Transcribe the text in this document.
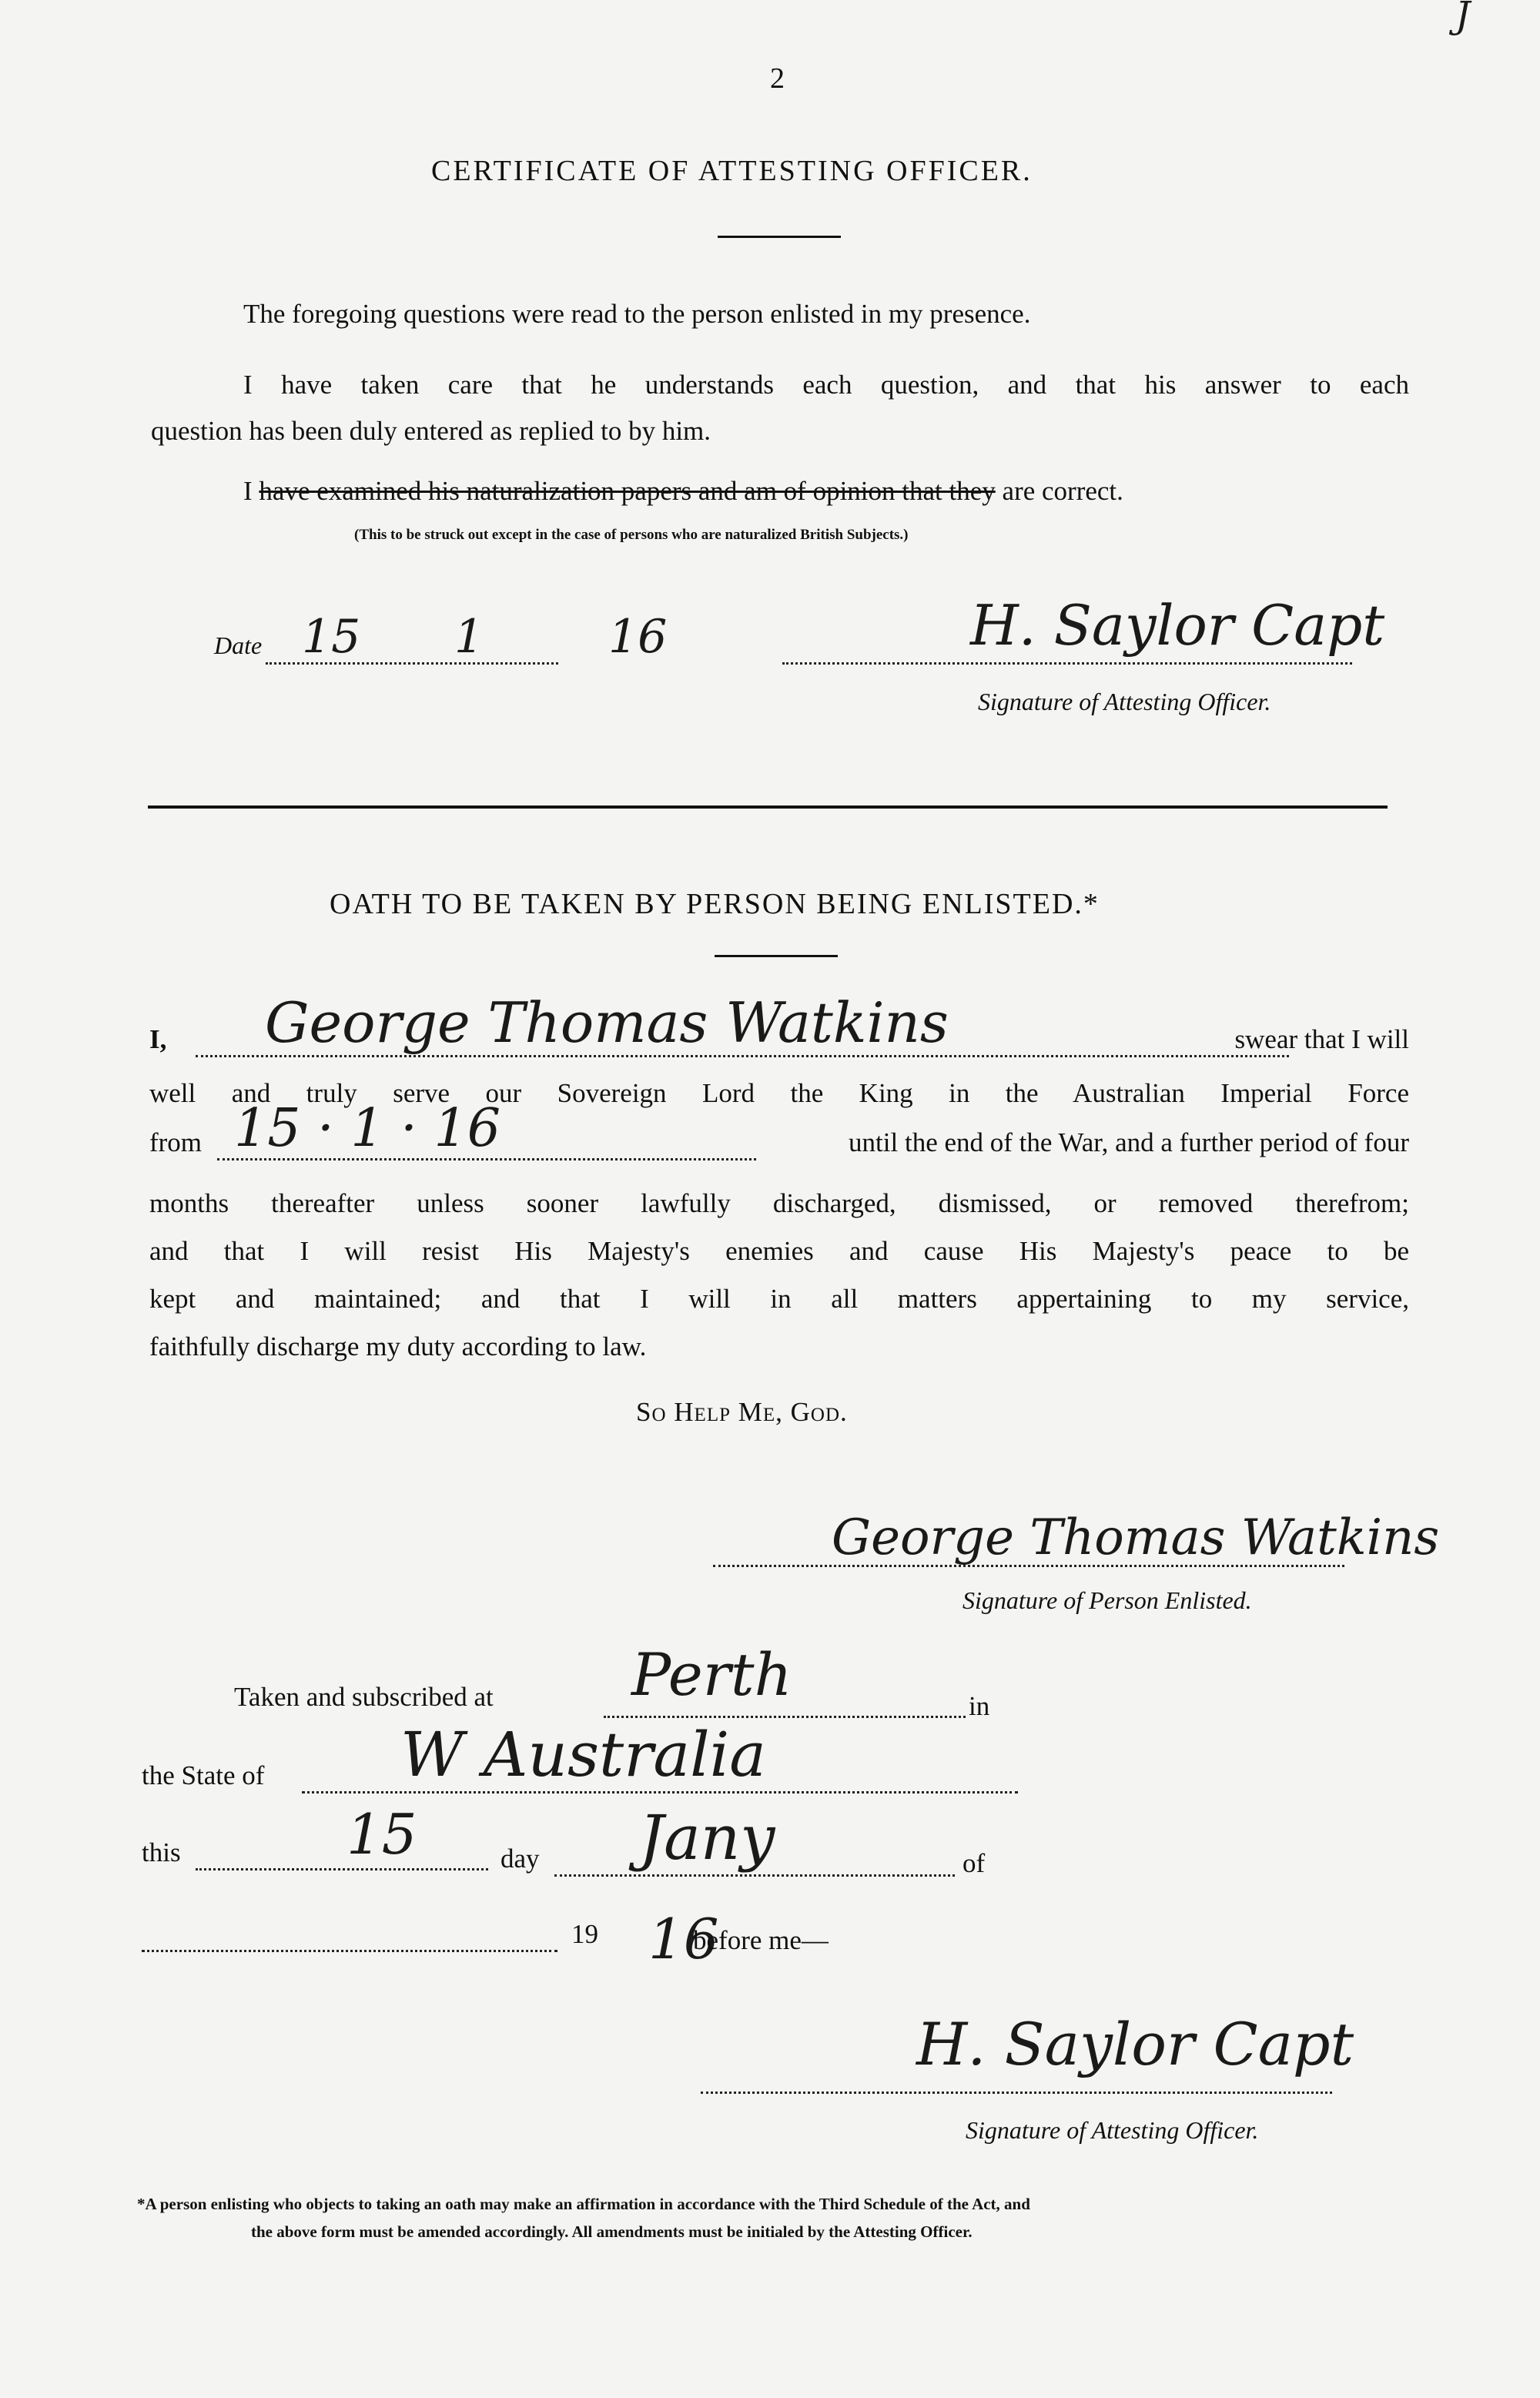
2
J
CERTIFICATE OF ATTESTING OFFICER.
The foregoing questions were read to the person enlisted in my presence.
I have taken care that he understands each question, and that his answer to each
question has been duly entered as replied to by him.
I have examined his naturalization papers and am of opinion that they are correct.
(This to be struck out except in the case of persons who are naturalized British Subjects.)
Date 15 1	16	H. Saylor Capt
Signature of Attesting Officer.
OATH TO BE TAKEN BY PERSON BEING ENLISTED.*
I, George Thomas Watkins	swear that I will
well and truly serve our Sovereign Lord the King in the Australian Imperial Force
from 15 · 1 · 16	until the end of the War, and a further period of four
months thereafter unless sooner lawfully discharged, dismissed, or removed therefrom;
and that I will resist His Majesty's enemies and cause His Majesty's peace to be
kept and maintained; and that I will in all matters appertaining to my service,
faithfully discharge my duty according to law.
So Help Me, God.
George Thomas Watkins
Signature of Person Enlisted.
Taken and subscribed at Perth	in
the State of W Australia
this	15	day Jany	of
19 16
before me—
H. Saylor Capt
Signature of Attesting Officer.
*A person enlisting who objects to taking an oath may make an affirmation in accordance with the Third Schedule of the Act, and
the above form must be amended accordingly. All amendments must be initialed by the Attesting Officer.
